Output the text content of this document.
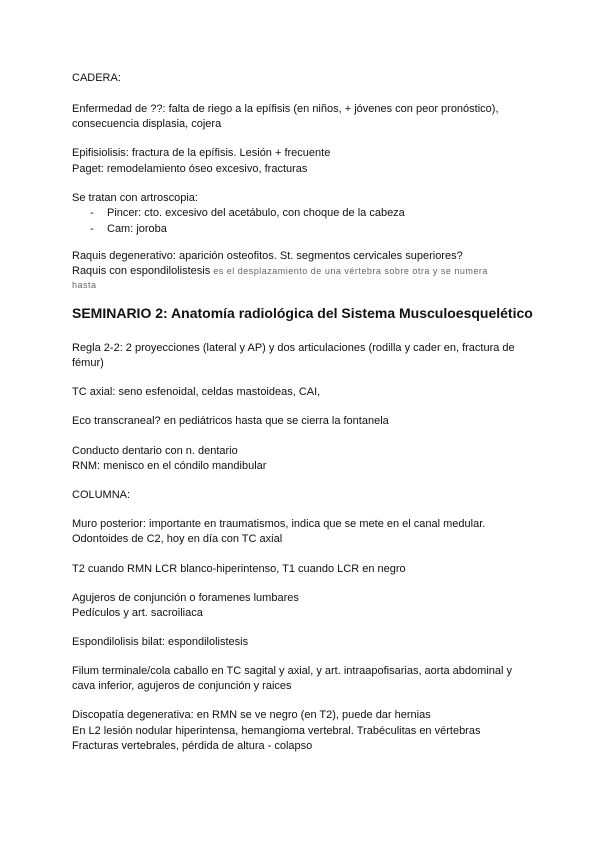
CADERA:
Enfermedad de ??: falta de riego a la epífisis (en niños, + jóvenes con peor pronóstico),
consecuencia displasia, cojera
Epifisiolisis: fractura de la epífisis. Lesión + frecuente
Paget: remodelamiento óseo excesivo, fracturas
Se tratan con artroscopia:
- Pincer: cto. excesivo del acetábulo, con choque de la cabeza
- Cam: joroba
Raquis degenerativo: aparición osteofitos. St. segmentos cervicales superiores?
Raquis con espondilolistesis es el desplazamiento de una vértebra sobre otra y se numera
hasta
SEMINARIO 2: Anatomía radiológica del Sistema Musculoesquelético
Regla 2-2: 2 proyecciones (lateral y AP) y dos articulaciones (rodilla y cader en, fractura de
fémur)
TC axial: seno esfenoidal, celdas mastoideas, CAI,
Eco transcraneal? en pediátricos hasta que se cierra la fontanela
Conducto dentario con n. dentario
RNM: menisco en el cóndilo mandibular
COLUMNA:
Muro posterior: importante en traumatismos, indica que se mete en el canal medular.
Odontoides de C2, hoy en día con TC axial
T2 cuando RMN LCR blanco-hiperintenso, T1 cuando LCR en negro
Agujeros de conjunción o foramenes lumbares
Pedículos y art. sacroiliaca
Espondilolisis bilat: espondilolistesis
Filum terminale/cola caballo en TC sagital y axial, y art. intraapofisarias, aorta abdominal y
cava inferior, agujeros de conjunción y raices
Discopatía degenerativa: en RMN se ve negro (en T2), puede dar hernias
En L2 lesión nodular hiperintensa, hemangioma vertebral. Trabéculitas en vértebras
Fracturas vertebrales, pérdida de altura - colapso
